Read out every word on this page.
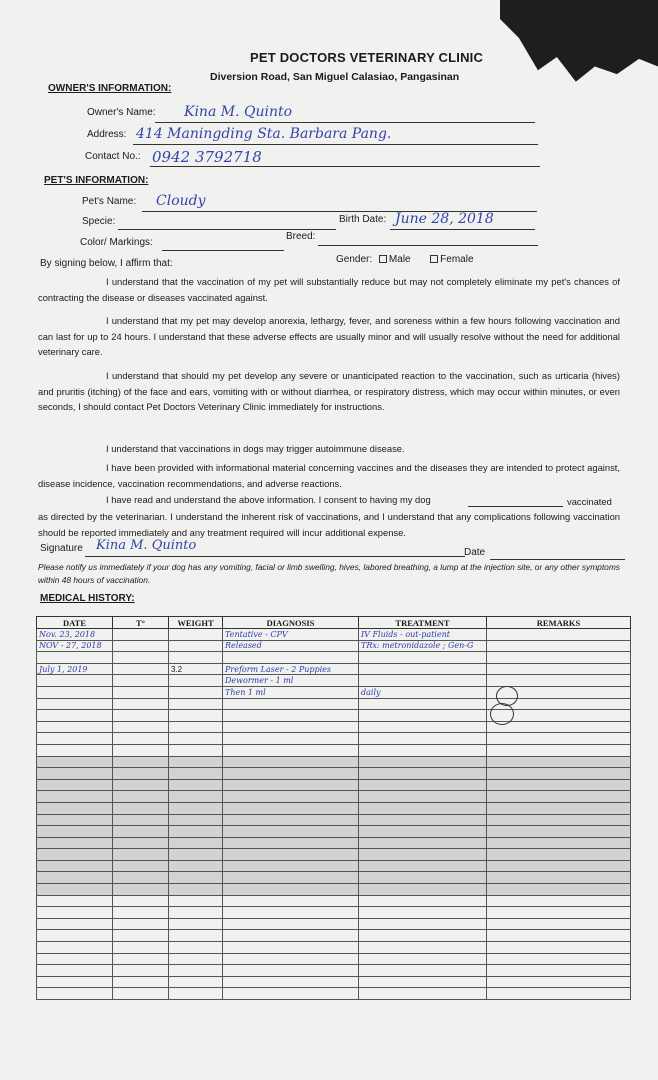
PET DOCTORS VETERINARY CLINIC
Diversion Road, San Miguel Calasiao, Pangasinan
OWNER'S INFORMATION:
Owner's Name: Kina M. Quinto
Address: 414 Maningding Sta. Barbara Pang.
Contact No.: 0942 3792718
PET'S INFORMATION:
Pet's Name: Cloudy
Specie:	Birth Date: June 28, 2018
Color/ Markings:
Breed:
Gender: Male	Female
By signing below, I affirm that:
I understand that the vaccination of my pet will substantially reduce but may not completely eliminate my pet's chances of contracting the disease or diseases vaccinated against.
I understand that my pet may develop anorexia, lethargy, fever, and soreness within a few hours following vaccination and can last for up to 24 hours. I understand that these adverse effects are usually minor and will usually resolve without the need for additional veterinary care.
I understand that should my pet develop any severe or unanticipated reaction to the vaccination, such as urticaria (hives) and pruritis (itching) of the face and ears, vomiting with or without diarrhea, or respiratory distress, which may occur within minutes, or even seconds, I should contact Pet Doctors Veterinary Clinic immediately for instructions.
I understand that vaccinations in dogs may trigger autoimmune disease.
I have been provided with informational material concerning vaccines and the diseases they are intended to protect against, disease incidence, vaccination recommendations, and adverse reactions.
I have read and understand the above information. I consent to having my dog	vaccinated
as directed by the veterinarian. I understand the inherent risk of vaccinations, and I understand that any complications following vaccination should be reported immediately and any treatment required will incur additional expense.
Signature Kina M. Quinto	Date
Please notify us immediately if your dog has any vomiting, facial or limb swelling, hives, labored breathing, a lump at the injection site, or any other symptoms within 48 hours of vaccination.
MEDICAL HISTORY:
DATE	T°	WEIGHT	DIAGNOSIS	TREATMENT	REMARKS
Nov. 23, 2018			Tentative - CPV	IV Fluids - out-patient	
NOV - 27, 2018			Released	TRx: metronidazole ; Gen-G	

July 1, 2019		3.2	Preform Laser - 2 Puppies		
			Dewormer - 1 ml		
			Then 1 ml	daily	
